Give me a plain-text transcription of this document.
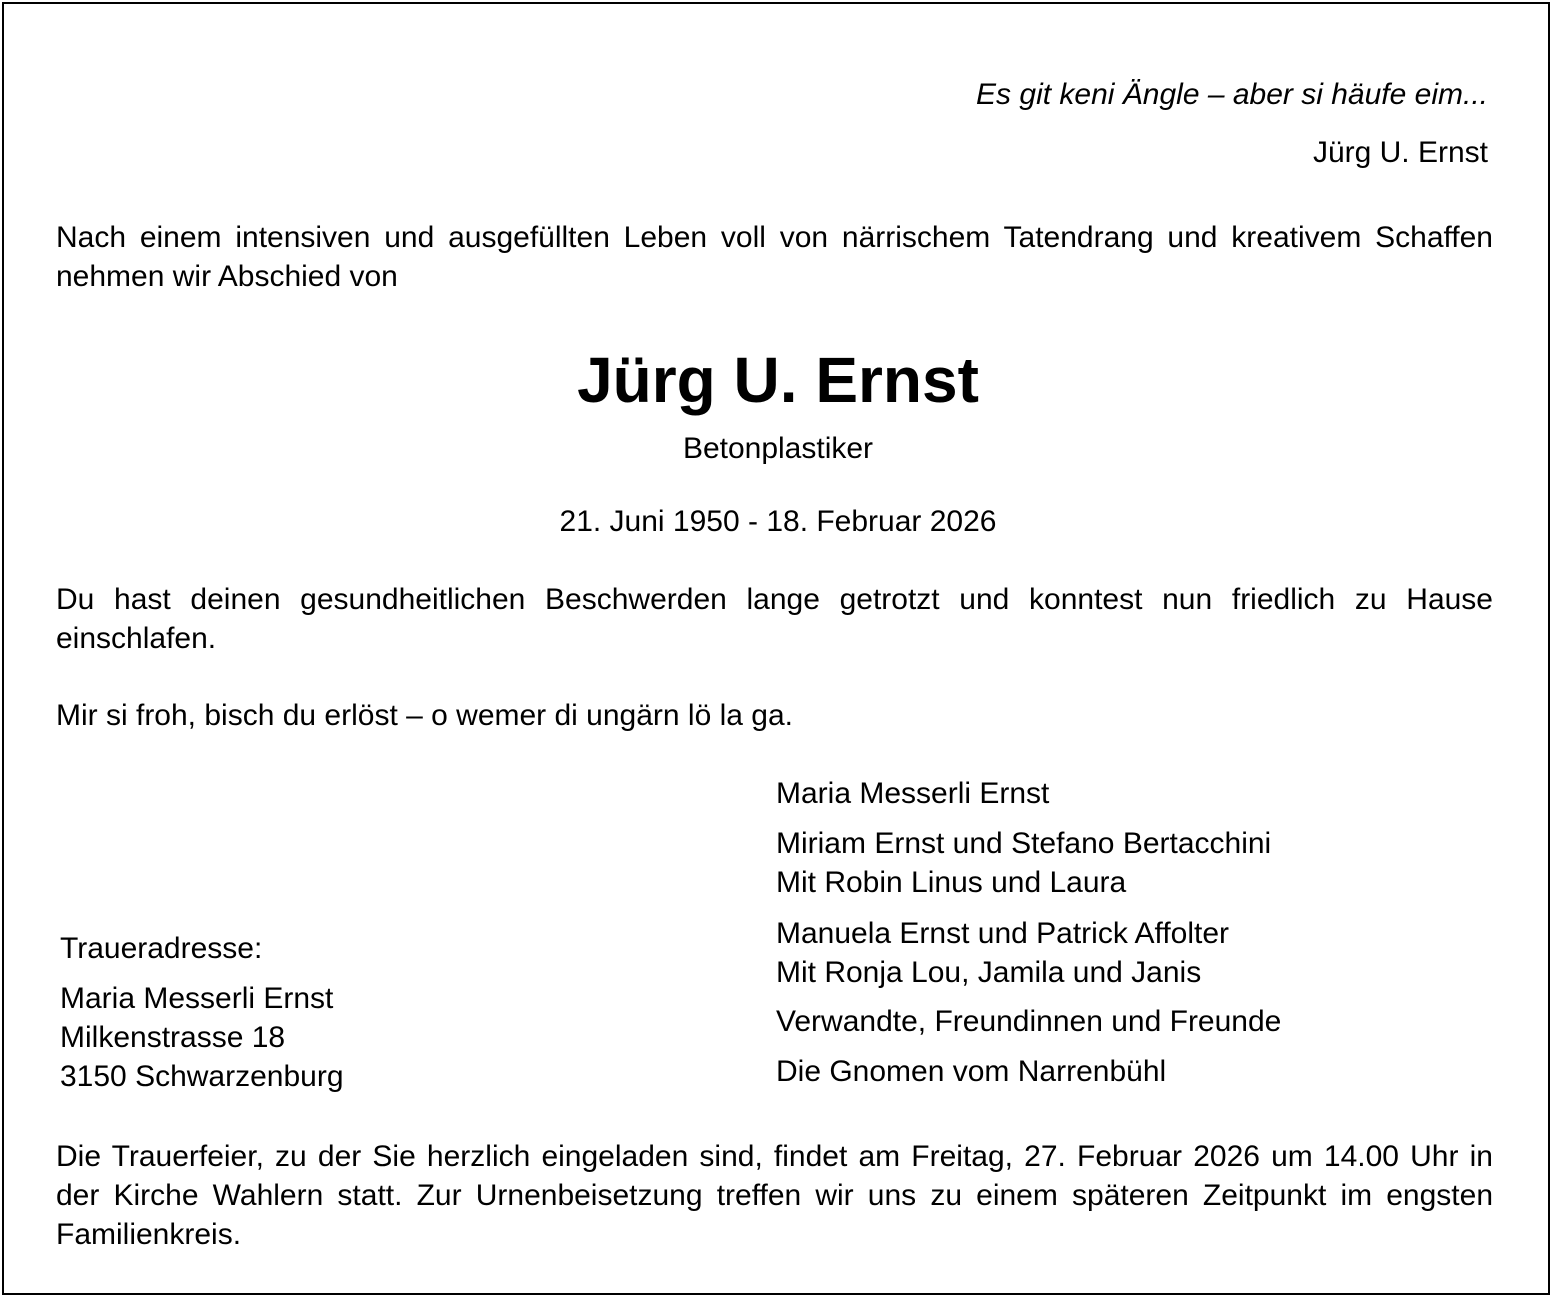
Es git keni Ängle – aber si häufe eim...

Jürg U. Ernst

Nach einem intensiven und ausgefüllten Leben voll von närrischem Tatendrang und kreativem Schaffen nehmen wir Abschied von

Jürg U. Ernst

Betonplastiker

21. Juni 1950 - 18. Februar 2026

Du hast deinen gesundheitlichen Beschwerden lange getrotzt und konntest nun friedlich zu Hause einschlafen.

Mir si froh, bisch du erlöst – o wemer di ungärn lö la ga.

Maria Messerli Ernst
Miriam Ernst und Stefano Bertacchini
Mit Robin Linus und Laura
Manuela Ernst und Patrick Affolter
Mit Ronja Lou, Jamila und Janis
Verwandte, Freundinnen und Freunde
Die Gnomen vom Narrenbühl

Traueradresse:

Maria Messerli Ernst
Milkenstrasse 18
3150 Schwarzenburg

Die Trauerfeier, zu der Sie herzlich eingeladen sind, findet am Freitag, 27. Februar 2026 um 14.00 Uhr in der Kirche Wahlern statt. Zur Urnenbeisetzung treffen wir uns zu einem späteren Zeitpunkt im engsten Familienkreis.
